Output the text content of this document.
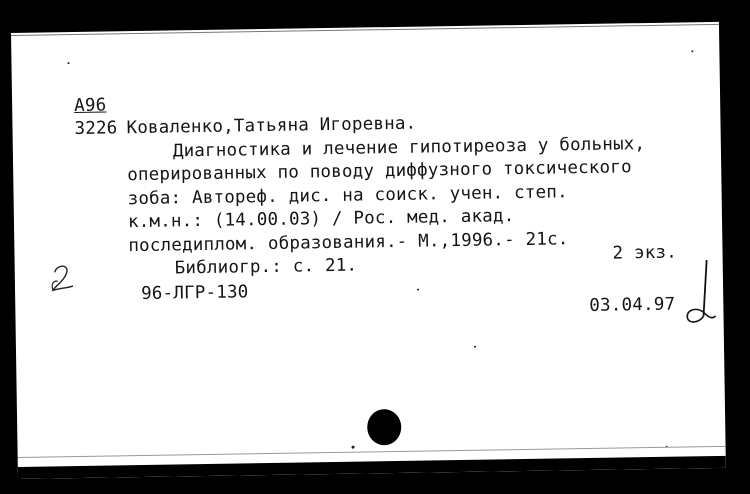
А96
3226 Коваленко,Татьяна Игоревна.
Диагностика и лечение гипотиреоза у больных,
оперированных по поводу диффузного токсического
зоба: Автореф. дис. на соиск. учен. степ.
к.м.н.: (14.00.03) / Рос. мед. акад.
последиплом. образования.- М.,1996.- 21с.
Библиогр.: с. 21.
2 экз.
96-ЛГР-130
03.04.97
